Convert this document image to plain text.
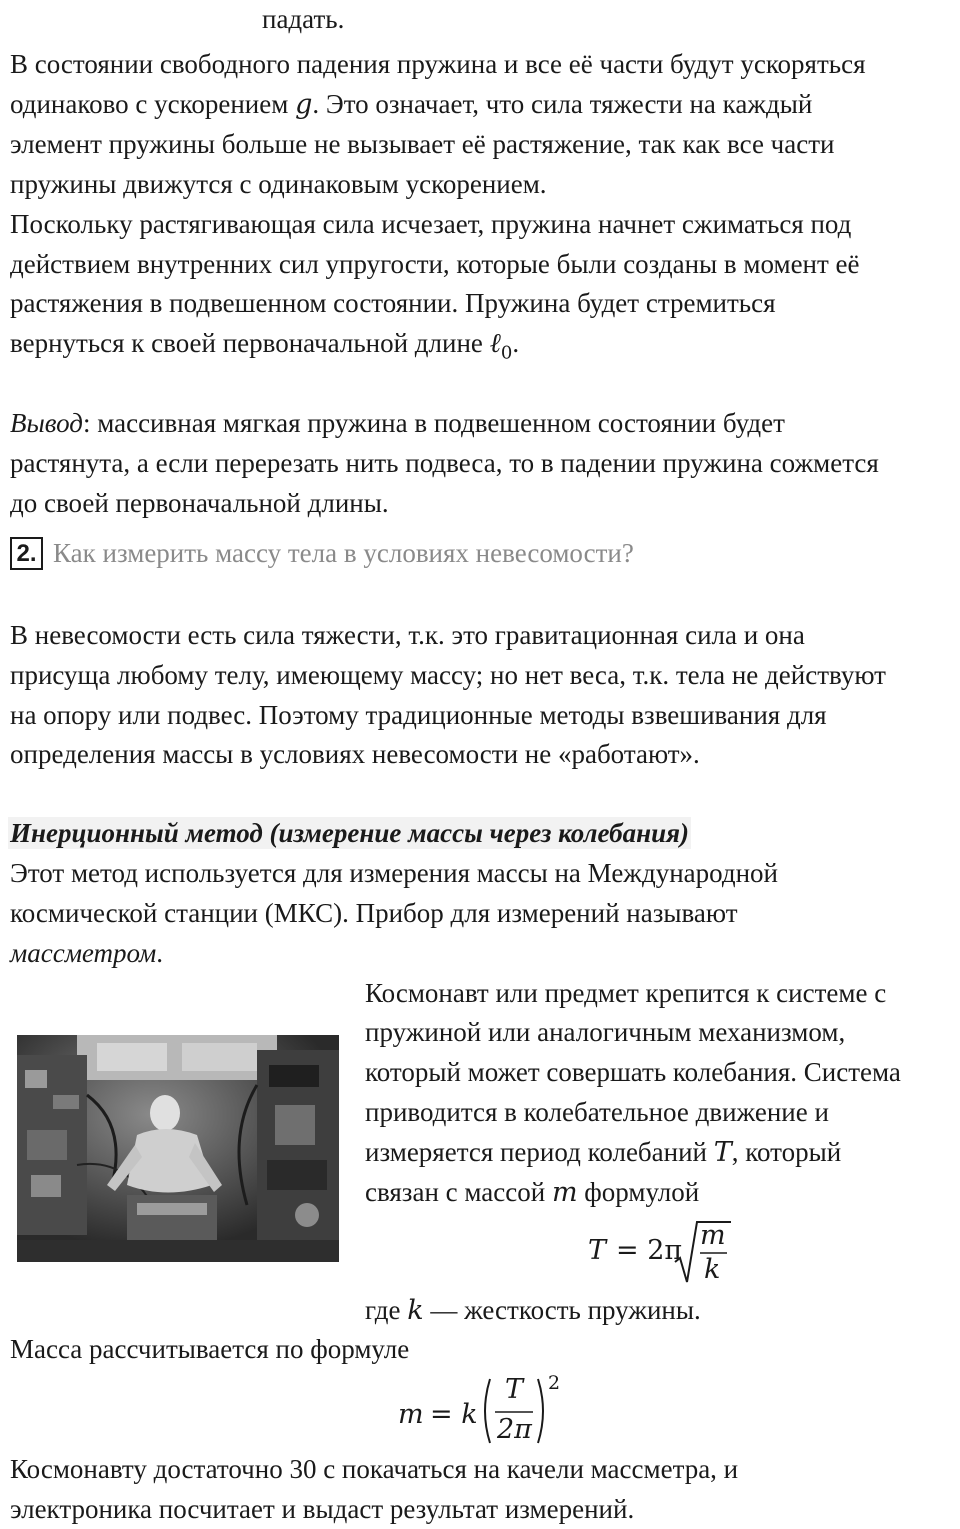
падать.
В состоянии свободного падения пружина и все её части будут ускоряться
одинаково с ускорением g. Это означает, что сила тяжести на каждый
элемент пружины больше не вызывает её растяжение, так как все части
пружины движутся с одинаковым ускорением.
Поскольку растягивающая сила исчезает, пружина начнет сжиматься под
действием внутренних сил упругости, которые были созданы в момент её
растяжения в подвешенном состоянии. Пружина будет стремиться
вернуться к своей первоначальной длине ℓ$_0$.
Вывод: массивная мягкая пружина в подвешенном состоянии будет
растянута, а если перерезать нить подвеса, то в падении пружина сожмется
до своей первоначальной длины.
2. Как измерить массу тела в условиях невесомости?
В невесомости есть сила тяжести, т.к. это гравитационная сила и она
присуща любому телу, имеющему массу; но нет веса, т.к. тела не действуют
на опору или подвес. Поэтому традиционные методы взвешивания для
определения массы в условиях невесомости не «работают».
Инерционный метод (измерение массы через колебания)
Этот метод используется для измерения массы на Международной
космической станции (МКС). Прибор для измерений называют
массметром.
Космонавт или предмет крепится к системе с
пружиной или аналогичным механизмом,
который может совершать колебания. Система
приводится в колебательное движение и
измеряется период колебаний T, который
связан с массой m формулой
T = 2π m
k
где k — жесткость пружины.
Масса рассчитывается по формуле
m = k
T
2π
2
Космонавту достаточно 30 с покачаться на качели массметра, и
электроника посчитает и выдаст результат измерений.
